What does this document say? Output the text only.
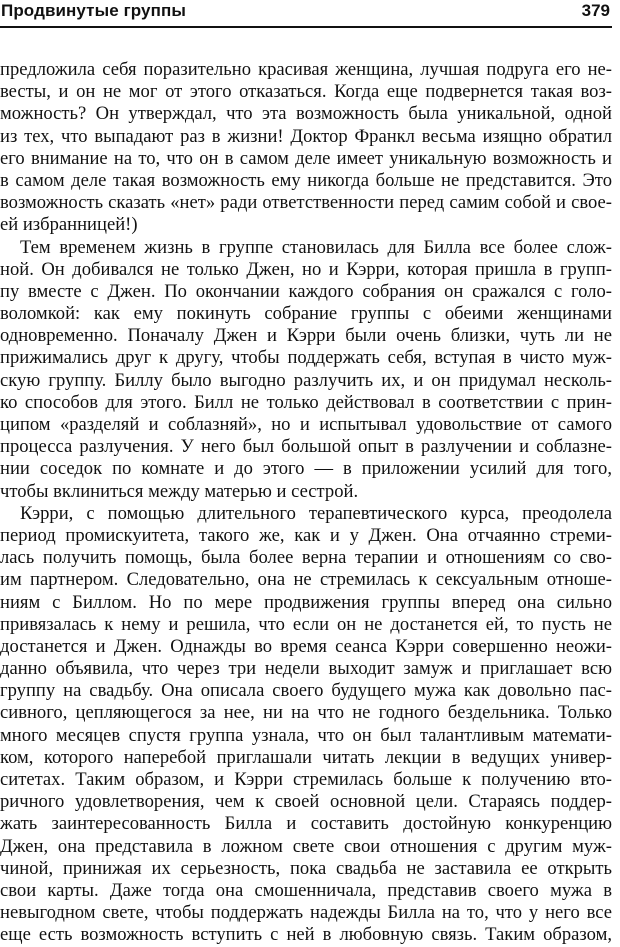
Продвинутые группы	379
предложила себя поразительно красивая женщина, лучшая подруга его не-
весты, и он не мог от этого отказаться. Когда еще подвернется такая воз-
можность? Он утверждал, что эта возможность была уникальной, одной
из тех, что выпадают раз в жизни! Доктор Франкл весьма изящно обратил
его внимание на то, что он в самом деле имеет уникальную возможность и
в самом деле такая возможность ему никогда больше не представится. Это
возможность сказать «нет» ради ответственности перед самим собой и свое-
ей избранницей!)
Тем временем жизнь в группе становилась для Билла все более слож-
ной. Он добивался не только Джен, но и Кэрри, которая пришла в групп-
пу вместе с Джен. По окончании каждого собрания он сражался с голо-
воломкой: как ему покинуть собрание группы с обеими женщинами
одновременно. Поначалу Джен и Кэрри были очень близки, чуть ли не
прижимались друг к другу, чтобы поддержать себя, вступая в чисто муж-
скую группу. Биллу было выгодно разлучить их, и он придумал несколь-
ко способов для этого. Билл не только действовал в соответствии с прин-
ципом «разделяй и соблазняй», но и испытывал удовольствие от самого
процесса разлучения. У него был большой опыт в разлучении и соблазне-
нии соседок по комнате и до этого — в приложении усилий для того,
чтобы вклиниться между матерью и сестрой.
Кэрри, с помощью длительного терапевтического курса, преодолела
период промискуитета, такого же, как и у Джен. Она отчаянно стреми-
лась получить помощь, была более верна терапии и отношениям со сво-
им партнером. Следовательно, она не стремилась к сексуальным отноше-
ниям с Биллом. Но по мере продвижения группы вперед она сильно
привязалась к нему и решила, что если он не достанется ей, то пусть не
достанется и Джен. Однажды во время сеанса Кэрри совершенно неожи-
данно объявила, что через три недели выходит замуж и приглашает всю
группу на свадьбу. Она описала своего будущего мужа как довольно пас-
сивного, цепляющегося за нее, ни на что не годного бездельника. Только
много месяцев спустя группа узнала, что он был талантливым математи-
ком, которого наперебой приглашали читать лекции в ведущих универ-
ситетах. Таким образом, и Кэрри стремилась больше к получению вто-
ричного удовлетворения, чем к своей основной цели. Стараясь поддер-
жать заинтересованность Билла и составить достойную конкуренцию
Джен, она представила в ложном свете свои отношения с другим муж-
чиной, принижая их серьезность, пока свадьба не заставила ее открыть
свои карты. Даже тогда она смошенничала, представив своего мужа в
невыгодном свете, чтобы поддержать надежды Билла на то, что у него все
еще есть возможность вступить с ней в любовную связь. Таким образом,
